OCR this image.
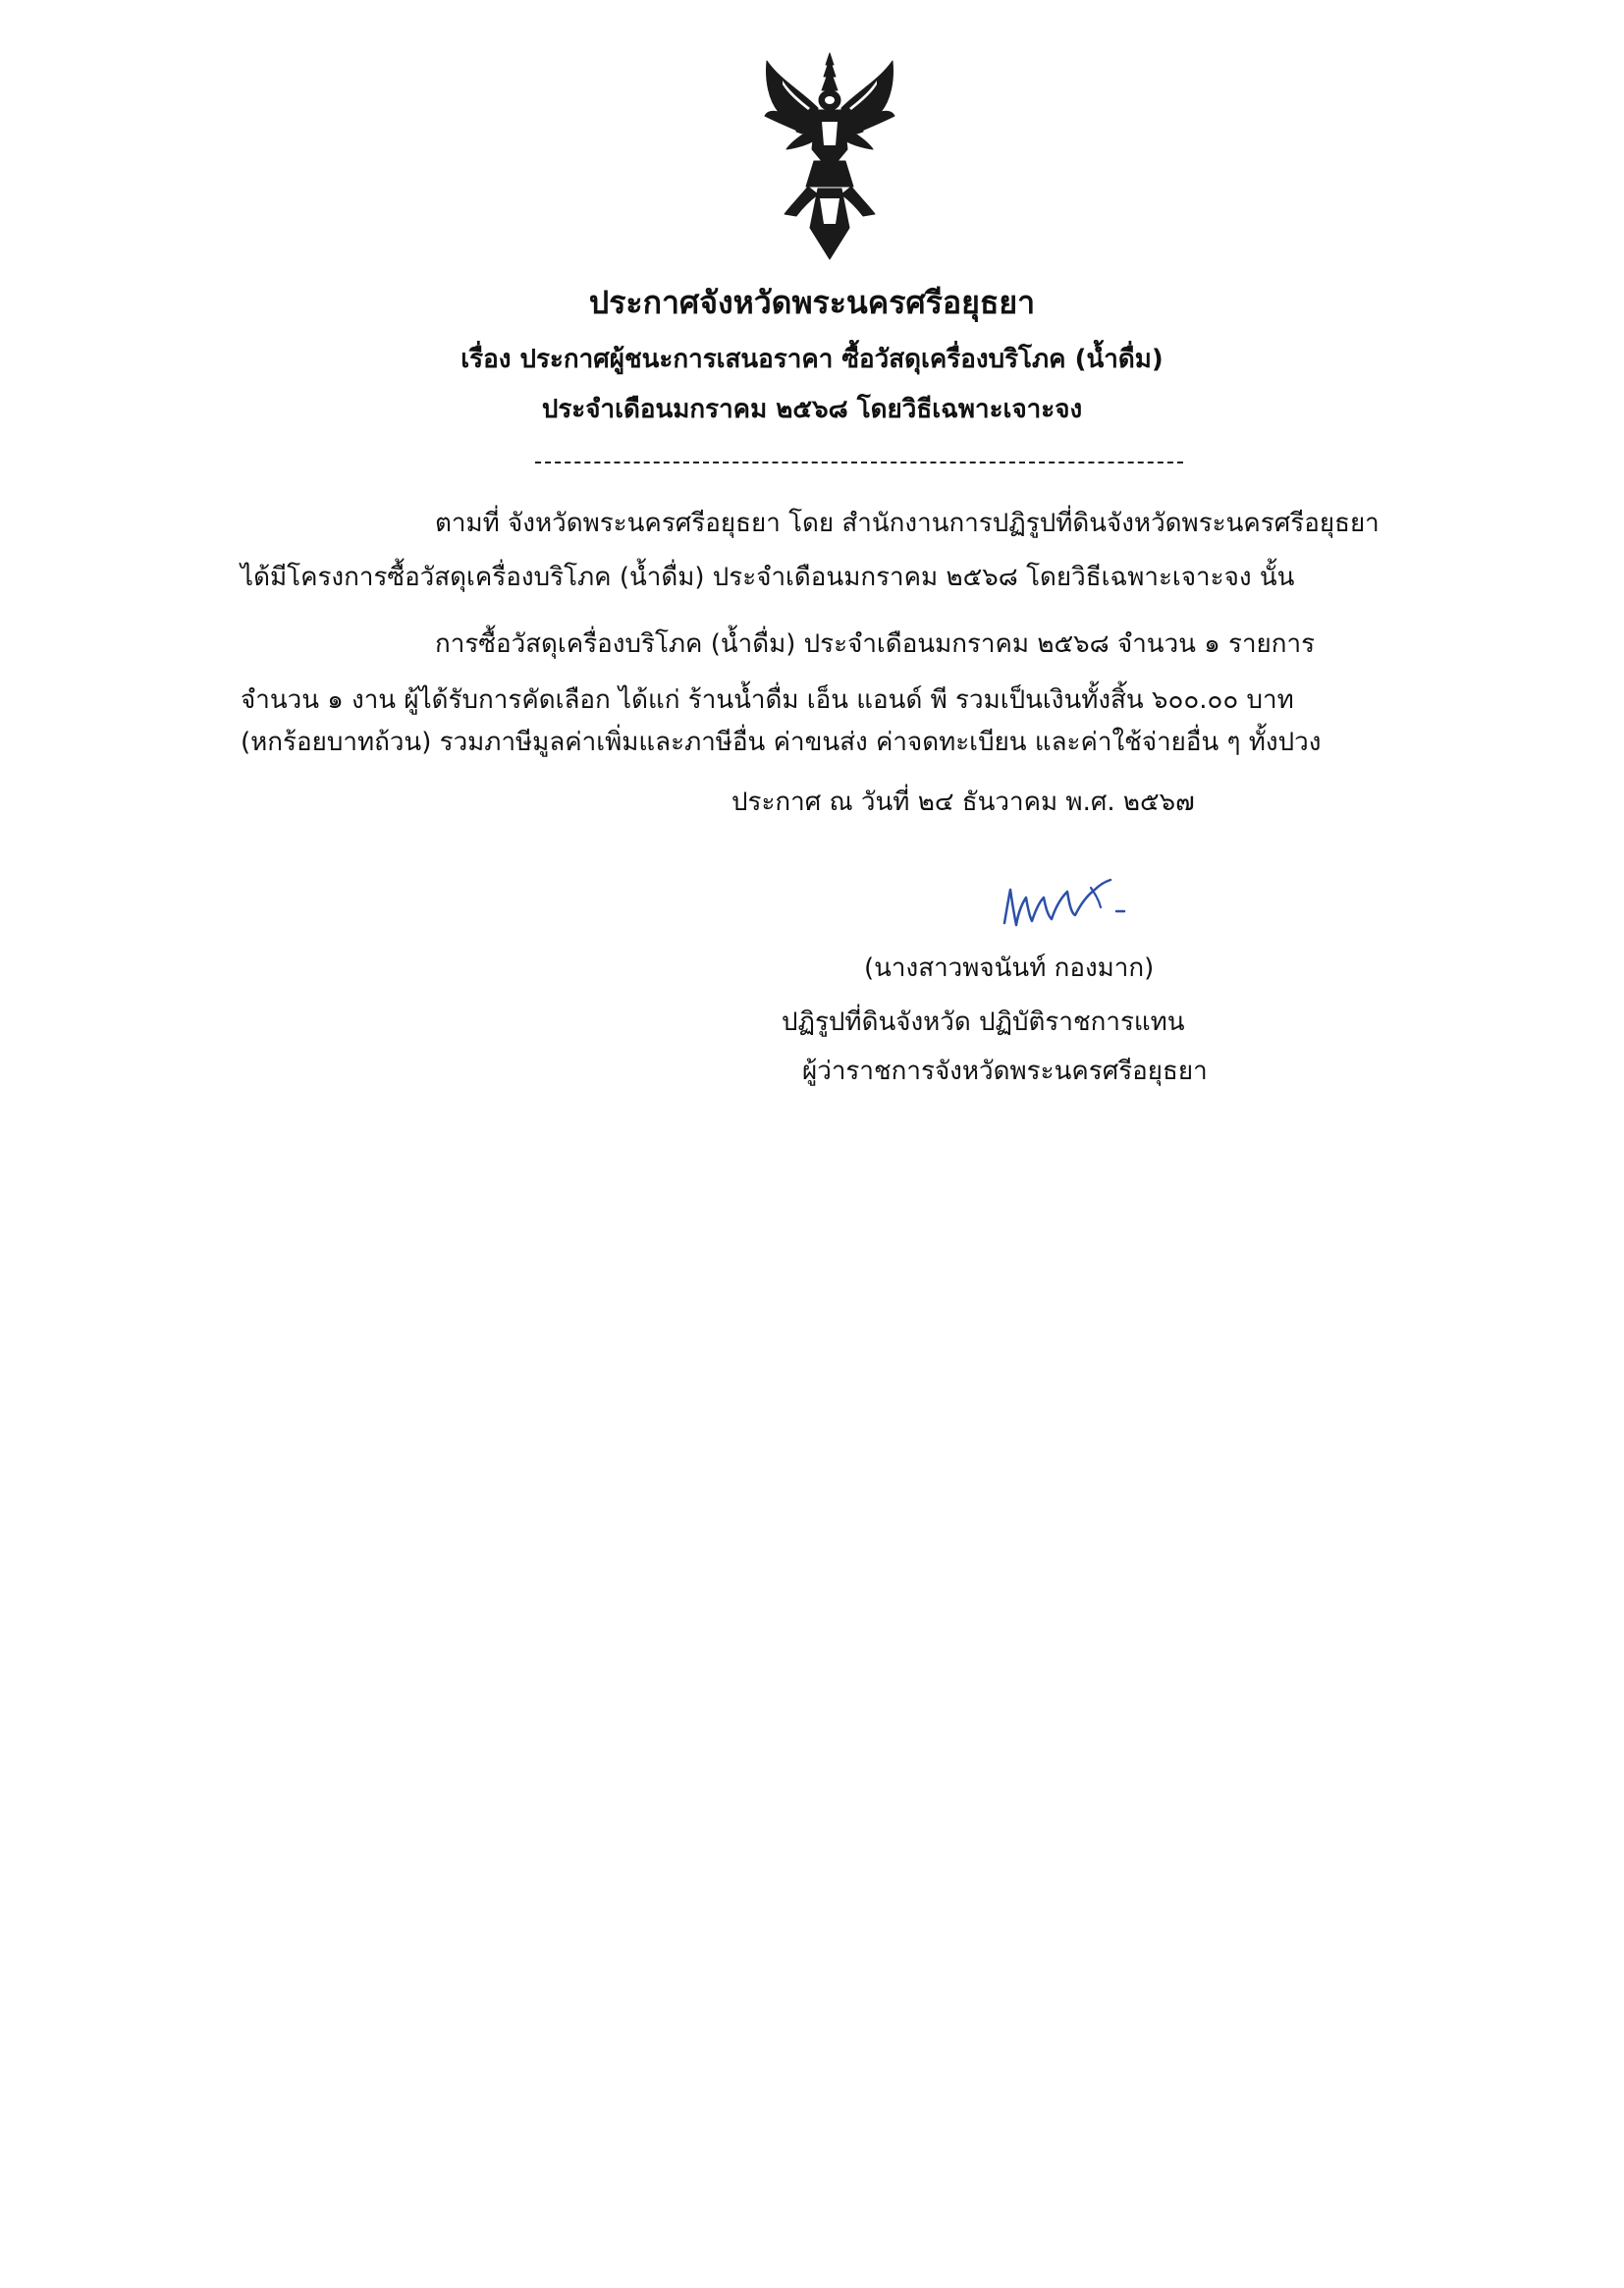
ประกาศจังหวัดพระนครศรีอยุธยา
เรื่อง ประกาศผู้ชนะการเสนอราคา ซื้อวัสดุเครื่องบริโภค (น้ำดื่ม)
ประจำเดือนมกราคม ๒๕๖๘ โดยวิธีเฉพาะเจาะจง
ตามที่ จังหวัดพระนครศรีอยุธยา โดย สำนักงานการปฏิรูปที่ดินจังหวัดพระนครศรีอยุธยา
ได้มีโครงการซื้อวัสดุเครื่องบริโภค (น้ำดื่ม) ประจำเดือนมกราคม ๒๕๖๘ โดยวิธีเฉพาะเจาะจง นั้น
การซื้อวัสดุเครื่องบริโภค (น้ำดื่ม) ประจำเดือนมกราคม ๒๕๖๘ จำนวน ๑ รายการ
จำนวน ๑ งาน ผู้ได้รับการคัดเลือก ได้แก่ ร้านน้ำดื่ม เอ็น แอนด์ พี รวมเป็นเงินทั้งสิ้น ๖๐๐.๐๐ บาท
(หกร้อยบาทถ้วน) รวมภาษีมูลค่าเพิ่มและภาษีอื่น ค่าขนส่ง ค่าจดทะเบียน และค่าใช้จ่ายอื่น ๆ ทั้งปวง
ประกาศ ณ วันที่ ๒๔ ธันวาคม พ.ศ. ๒๕๖๗
(นางสาวพจนันท์ กองมาก)
ปฏิรูปที่ดินจังหวัด ปฏิบัติราชการแทน
ผู้ว่าราชการจังหวัดพระนครศรีอยุธยา
